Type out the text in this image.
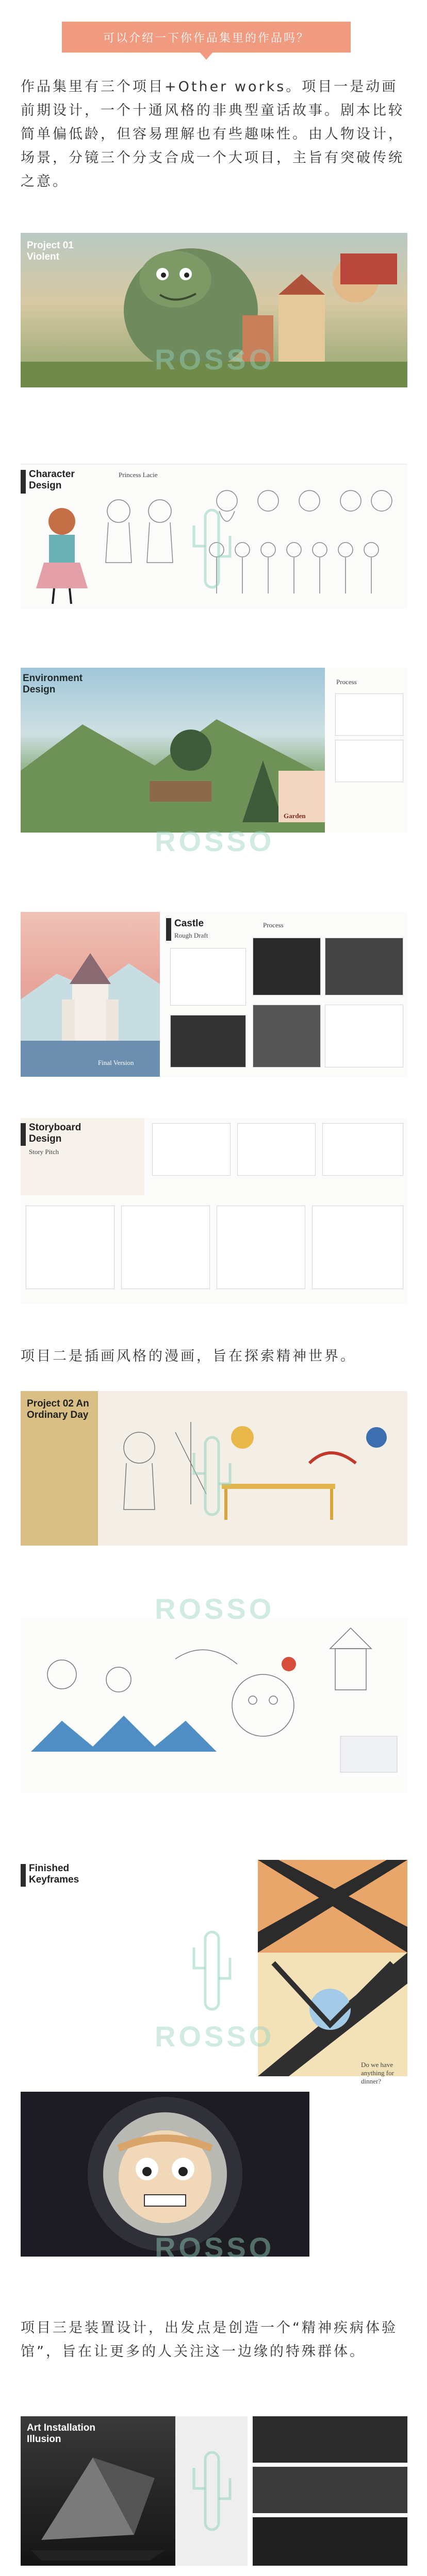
可以介绍一下你作品集里的作品吗？

作品集里有三个项目+Other works。项目一是动画前期设计，一个十通风格的非典型童话故事。剧本比较简单偏低龄，但容易理解也有些趣味性。由人物设计，场景，分镜三个分支合成一个大项目，主旨有突破传统之意。

Project 01 Violent
Character Design
Princess Lacie
Environment Design
Process
Garden
Final Version
Castle
Rough Draft
Process
Storyboard Design
Story Pitch

项目二是插画风格的漫画，旨在探索精神世界。

Project 02 An Ordinary Day
Finished Keyframes
Do we have anything for dinner?

项目三是装置设计，出发点是创造一个“精神疾病体验馆”，旨在让更多的人关注这一边缘的特殊群体。

Art Installation Illusion

ROSSO
ROSSO
ROSSO
ROSSO
ROSSO
